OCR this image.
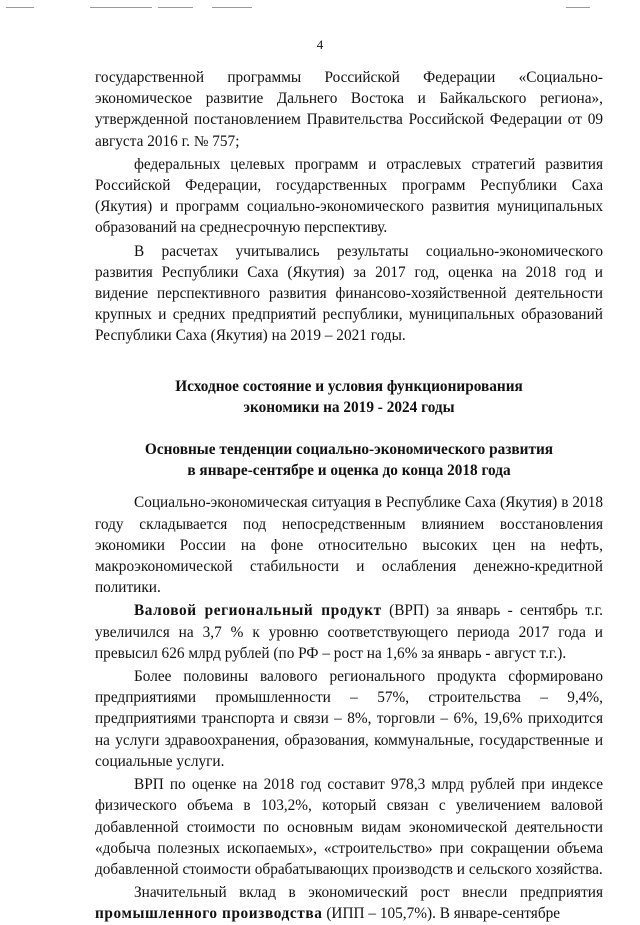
4

государственной программы Российской Федерации «Социально-экономическое развитие Дальнего Востока и Байкальского региона», утвержденной постановлением Правительства Российской Федерации от 09 августа 2016 г. № 757;

федеральных целевых программ и отраслевых стратегий развития Российской Федерации, государственных программ Республики Саха (Якутия) и программ социально-экономического развития муниципальных образований на среднесрочную перспективу.

В расчетах учитывались результаты социально-экономического развития Республики Саха (Якутия) за 2017 год, оценка на 2018 год и видение перспективного развития финансово-хозяйственной деятельности крупных и средних предприятий республики, муниципальных образований Республики Саха (Якутия) на 2019 – 2021 годы.

Исходное состояние и условия функционирования
экономики на 2019 - 2024 годы
Основные тенденции социально-экономического развития
в январе-сентябре и оценка до конца 2018 года

Социально-экономическая ситуация в Республике Саха (Якутия) в 2018 году складывается под непосредственным влиянием восстановления экономики России на фоне относительно высоких цен на нефть, макроэкономической стабильности и ослабления денежно-кредитной политики.

Валовой региональный продукт (ВРП) за январь - сентябрь т.г. увеличился на 3,7 % к уровню соответствующего периода 2017 года и превысил 626 млрд рублей (по РФ – рост на 1,6% за январь - август т.г.).

Более половины валового регионального продукта сформировано предприятиями промышленности – 57%, строительства – 9,4%, предприятиями транспорта и связи – 8%, торговли – 6%, 19,6% приходится на услуги здравоохранения, образования, коммунальные, государственные и социальные услуги.

ВРП по оценке на 2018 год составит 978,3 млрд рублей при индексе физического объема в 103,2%, который связан с увеличением валовой добавленной стоимости по основным видам экономической деятельности «добыча полезных ископаемых», «строительство» при сокращении объема добавленной стоимости обрабатывающих производств и сельского хозяйства.

Значительный вклад в экономический рост внесли предприятия промышленного производства (ИПП – 105,7%). В январе-сентябре
